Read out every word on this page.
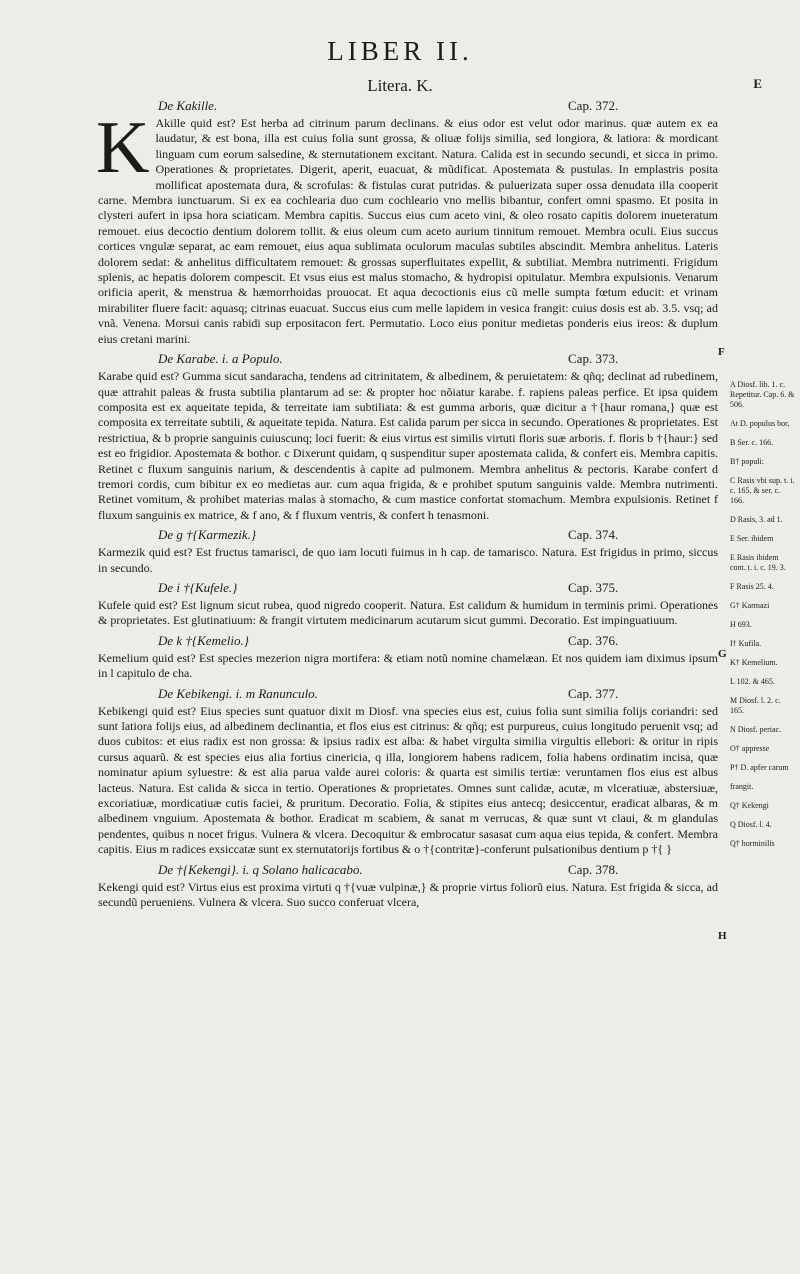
LIBER II.
Litera. K.	E
De Kakille.	Cap. 372.

K Akille quid est? Est herba ad citrinum parum declinans. & eius odor est velut odor marinus. quæ autem ex ea laudatur, & est bona, illa est cuius folia sunt grossa, & oliuæ folijs similia, sed longiora, & latiora: & mordicant linguam cum eorum salsedine, & sternutationem excitant. Natura. Calida est in secundo secundi, et sicca in primo. Operationes & proprietates. Digerit, aperit, euacuat, & mũdificat. Apostemata & pustulas. In emplastris posita mollificat apostemata dura, & scrofulas: & fistulas curat putridas. & puluerizata super ossa denudata illa cooperit carne. Membra iunctuarum. Si ex ea cochlearia duo cum cochleario vno mellis bibantur, confert omni spasmo. Et posita in clysteri aufert in ipsa hora sciaticam. Membra capitis. Succus eius cum aceto vini, & oleo rosato capitis dolorem inueteratum remouet. eius decoctio dentium dolorem tollit. & eius oleum cum aceto aurium tinnitum remouet. Membra oculi. Eius succus cortices vngulæ separat, ac eam remouet, eius aqua sublimata oculorum maculas subtiles abscindit. Membra anhelitus. Lateris dolorem sedat: & anhelitus difficultatem remouet: & grossas superfluitates expellit, & subtiliat. Membra nutrimenti. Frigidum splenis, ac hepatis dolorem compescit. Et vsus eius est malus stomacho, & hydropisi opitulatur. Membra expulsionis. Venarum orificia aperit, & menstrua & hæmorrhoidas prouocat. Et aqua decoctionis eius cũ melle sumpta fœtum educit: et vrinam mirabiliter fluere facit: aquasq; citrinas euacuat. Succus eius cum melle lapidem in vesica frangit: cuius dosis est ab. 3.5. vsq; ad vnã. Venena. Morsui canis rabidi sup erpositacon fert. Permutatio. Loco eius ponitur medietas ponderis eius ireos: & duplum eius cretani marini.

De Karabe. i. a Populo.	Cap. 373.

Karabe quid est? Gumma sicut sandaracha, tendens ad citrinitatem, & albedinem, & peruietatem: & qñq; declinat ad rubedinem, quæ attrahit paleas & frusta subtilia plantarum ad se: & propter hoc nõiatur karabe. f. rapiens paleas perfice. Et ipsa quidem composita est ex aqueitate tepida, & terreitate iam subtiliata: & est gumma arboris, quæ dicitur a †{haur romana,} quæ est composita ex terreitate subtili, & aqueitate tepida. Natura. Est calida parum per sicca in secundo. Operationes & proprietates. Est restrictiua, & b proprie sanguinis cuiuscunq; loci fuerit: & eius virtus est similis virtuti floris suæ arboris. f. floris b †{haur:} sed est eo frigidior. Apostemata & bothor. c Dixerunt quidam, q suspenditur super apostemata calida, & confert eis. Membra capitis. Retinet c fluxum sanguinis narium, & descendentis à capite ad pulmonem. Membra anhelitus & pectoris. Karabe confert d tremori cordis, cum bibitur ex eo medietas aur. cum aqua frigida, & e prohibet sputum sanguinis valde. Membra nutrimenti. Retinet vomitum, & prohibet materias malas à stomacho, & cum mastice confortat stomachum. Membra expulsionis. Retinet f fluxum sanguinis ex matrice, & f ano, & f fluxum ventris, & confert h tenasmoni.

De g †{Karmezik.}	Cap. 374.

Karmezik quid est? Est fructus tamarisci, de quo iam locuti fuimus in h cap. de tamarisco. Natura. Est frigidus in primo, siccus in secundo.

De i †{Kufele.}	Cap. 375.

Kufele quid est? Est lignum sicut rubea, quod nigredo cooperit. Natura. Est calidum & humidum in terminis primi. Operationes & proprietates. Est glutinatiuum: & frangit virtutem medicinarum acutarum sicut gummi. Decoratio. Est impinguatiuum.

De k †{Kemelio.}	Cap. 376.

Kemelium quid est? Est species mezerion nigra mortifera: & etiam notũ nomine chamelæan. Et nos quidem iam diximus ipsum in l capitulo de cha.

De Kebikengi. i. m Ranunculo.	Cap. 377.

Kebikengi quid est? Eius species sunt quatuor dixit m Diosf. vna species eius est, cuius folia sunt similia folijs coriandri: sed sunt latiora folijs eius, ad albedinem declinantia, et flos eius est citrinus: & qñq; est purpureus, cuius longitudo peruenit vsq; ad duos cubitos: et eius radix est non grossa: & ipsius radix est alba: & habet virgulta similia virgultis ellebori: & oritur in ripis cursus aquarũ. & est species eius alia fortius cinericia, q illa, longiorem habens radicem, folia habens ordinatim incisa, quæ nominatur apium syluestre: & est alia parua valde aurei coloris: & quarta est similis tertiæ: veruntamen flos eius est albus lacteus. Natura. Est calida & sicca in tertio. Operationes & proprietates. Omnes sunt calidæ, acutæ, m vlceratiuæ, abstersiuæ, excoriatiuæ, mordicatiuæ cutis faciei, & pruritum. Decoratio. Folia, & stipites eius antecq; desiccentur, eradicat albaras, & m albedinem vnguium. Apostemata & bothor. Eradicat m scabiem, & sanat m verrucas, & quæ sunt vt claui, & m glandulas pendentes, quibus n nocet frigus. Vulnera & vlcera. Decoquitur & embrocatur sasasat cum aqua eius tepida, & confert. Membra capitis. Eius m radices exsiccatæ sunt ex sternutatorijs fortibus & o †{contritæ}-conferunt pulsationibus dentium p †{ }

De †{Kekengi}. i. q Solano halicacabo.	Cap. 378.

Kekengi quid est? Virtus eius est proxima virtuti q †{vuæ vulpinæ,} & proprie virtus foliorũ eius. Natura. Est frigida & sicca, ad secundũ perueniens. Vulnera & vlcera. Suo succo conferuat vlcera,

F
G
H
A Diosf. lib. 1. c. Repetitur. Cap. 6. & 506.
At D. populus bor,
B Ser. c. 166.
B† populi:
C Rasis vbi sup. t. i. c. 165. & ser. c. 166.
D Rasis, 3. ad 1.
E Ser. ibidem
E Rasis ibidem cont. t. i. c. 19. 3.
F Rasis 25. 4.
G† Karmazi
H 693.
I† Kufila.
K† Kemelium.
L 102. & 465.
M Diosf. l. 2. c. 165.
N Diosf. periac.
O† appresse
P† D. apfer carum
frangit.
Q† Kekengi
Q Diosf. l. 4.
Q† horminilis
